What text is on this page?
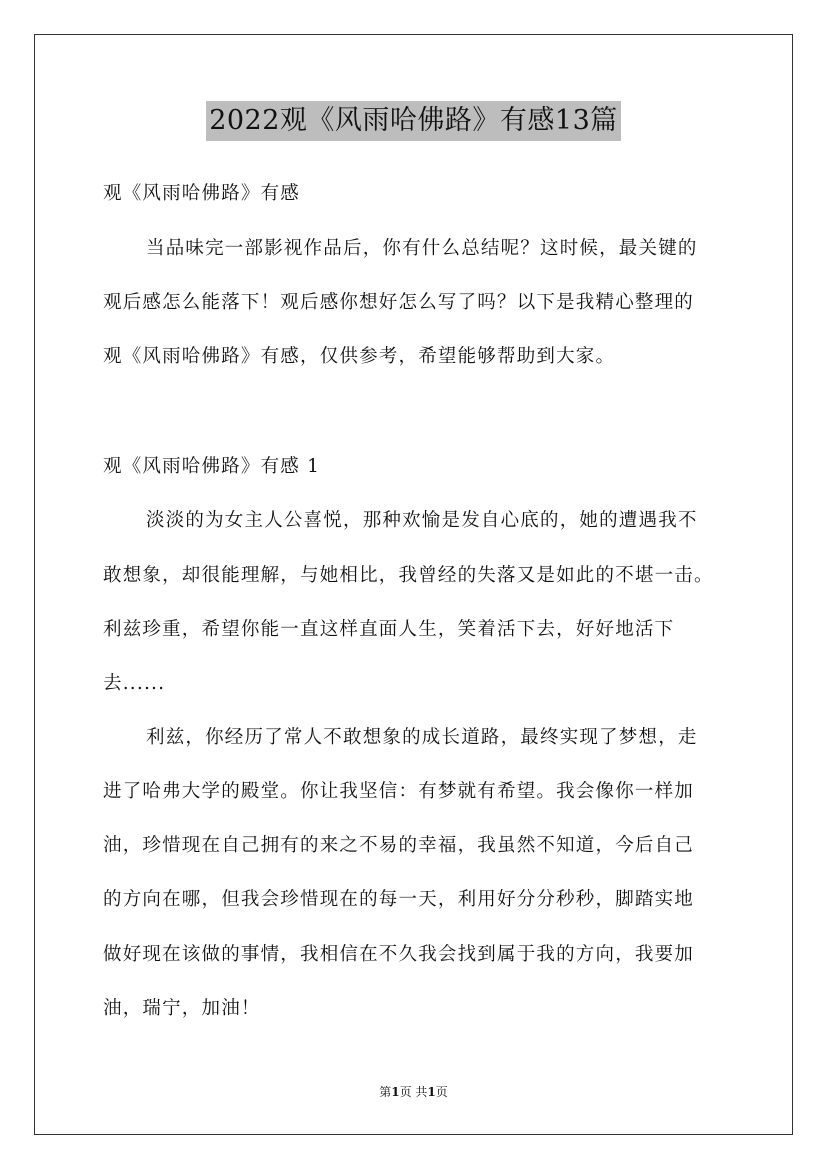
2022观《风雨哈佛路》有感13篇
观《风雨哈佛路》有感
当品味完一部影视作品后，你有什么总结呢？这时候，最关键的
观后感怎么能落下！观后感你想好怎么写了吗？以下是我精心整理的
观《风雨哈佛路》有感，仅供参考，希望能够帮助到大家。
观《风雨哈佛路》有感 1
淡淡的为女主人公喜悦，那种欢愉是发自心底的，她的遭遇我不
敢想象，却很能理解，与她相比，我曾经的失落又是如此的不堪一击。
利兹珍重，希望你能一直这样直面人生，笑着活下去，好好地活下
去......
利兹，你经历了常人不敢想象的成长道路，最终实现了梦想，走
进了哈弗大学的殿堂。你让我坚信：有梦就有希望。我会像你一样加
油，珍惜现在自己拥有的来之不易的幸福，我虽然不知道，今后自己
的方向在哪，但我会珍惜现在的每一天，利用好分分秒秒，脚踏实地
做好现在该做的事情，我相信在不久我会找到属于我的方向，我要加
油，瑞宁，加油！
第1页 共1页
